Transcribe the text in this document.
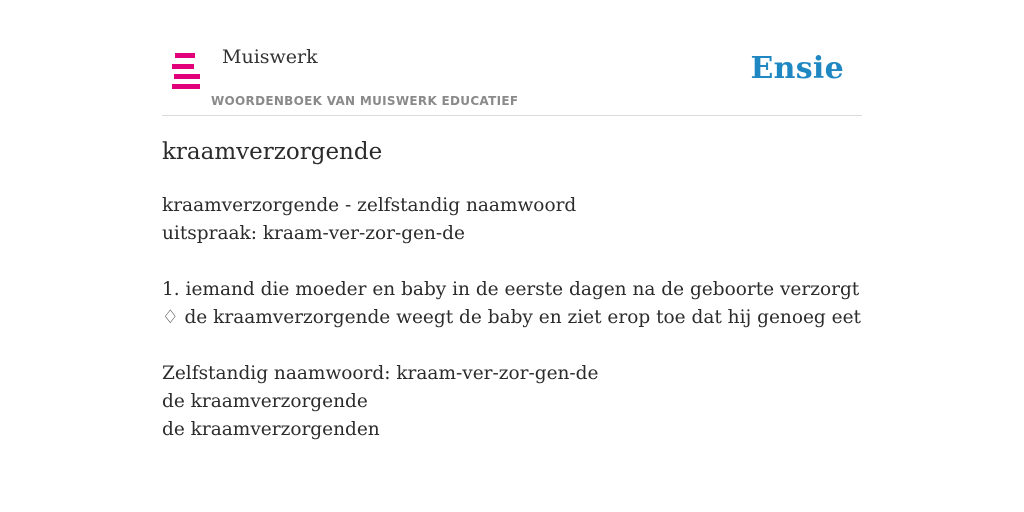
Muiswerk
WOORDENBOEK VAN MUISWERK EDUCATIEF
Ensie
kraamverzorgende
kraamverzorgende - zelfstandig naamwoord
uitspraak: kraam-ver-zor-gen-de
1. iemand die moeder en baby in de eerste dagen na de geboorte verzorgt
♢ de kraamverzorgende weegt de baby en ziet erop toe dat hij genoeg eet
Zelfstandig naamwoord: kraam-ver-zor-gen-de
de kraamverzorgende
de kraamverzorgenden
